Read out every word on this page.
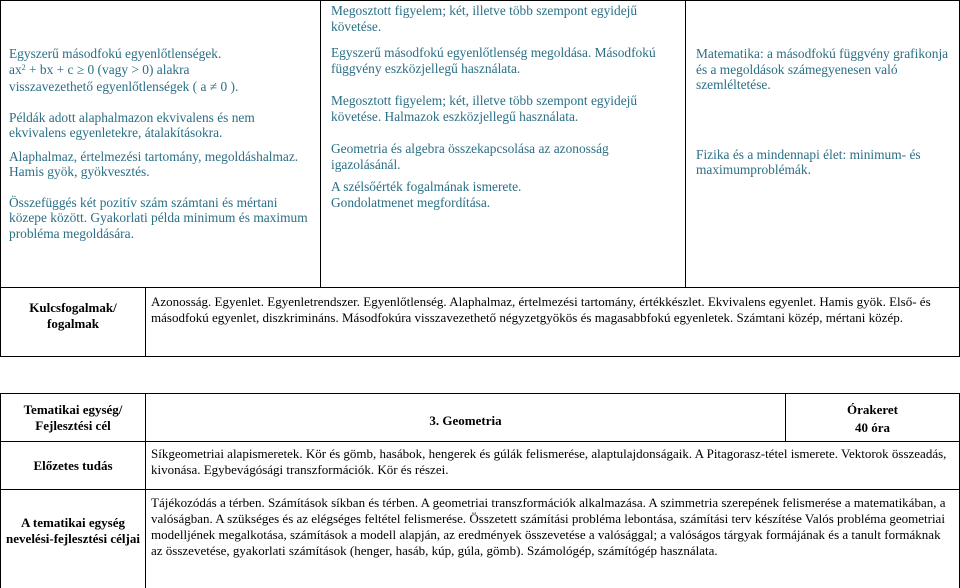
Egyszerű másodfokú egyenlőtlenségek.

$ax^2$ + bx + c ≥ 0 (vagy > 0) alakra

visszavezethető egyenlőtlenségek ( a ≠ 0 ).

Példák adott alaphalmazon ekvivalens és nem ekvivalens egyenletekre, átalakításokra.

Alaphalmaz, értelmezési tartomány, megoldáshalmaz. Hamis gyök, gyökvesztés.

Összefüggés két pozitív szám számtani és mértani közepe között. Gyakorlati példa minimum és maximum probléma megoldására.

Megosztott figyelem; két, illetve több szempont egyidejű követése.

Egyszerű másodfokú egyenlőtlenség megoldása. Másodfokú függvény eszközjellegű használata.

Megosztott figyelem; két, illetve több szempont egyidejű követése. Halmazok eszközjellegű használata.

Geometria és algebra összekapcsolása az azonosság igazolásánál.

A szélsőérték fogalmának ismerete.

Gondolatmenet megfordítása.

Matematika: a másodfokú függvény grafikonja és a megoldások számegyenesen való szemléltetése.

Fizika és a mindennapi élet: minimum- és maximumproblémák.

Kulcsfogalmak/ fogalmak
Azonosság. Egyenlet. Egyenletrendszer. Egyenlőtlenség. Alaphalmaz, értelmezési tartomány, értékkészlet. Ekvivalens egyenlet. Hamis gyök. Első- és másodfokú egyenlet, diszkrimináns. Másodfokúra visszavezethető négyzetgyökös és magasabbfokú egyenletek. Számtani közép, mértani közép.
Tematikai egység/ Fejlesztési cél	3. Geometria
Órakeret
40 óra
Előzetes tudás
Síkgeometriai alapismeretek. Kör és gömb, hasábok, hengerek és gúlák felismerése, alaptulajdonságaik. A Pitagorasz-tétel ismerete. Vektorok összeadás, kivonása. Egybevágósági transzformációk. Kör és részei.
A tematikai egység nevelési-fejlesztési céljai
Tájékozódás a térben. Számítások síkban és térben. A geometriai transzformációk alkalmazása. A szimmetria szerepének felismerése a matematikában, a valóságban. A szükséges és az elégséges feltétel felismerése. Összetett számítási probléma lebontása, számítási terv készítése Valós probléma geometriai modelljének megalkotása, számítások a modell alapján, az eredmények összevetése a valósággal; a valóságos tárgyak formájának és a tanult formáknak az összevetése, gyakorlati számítások (henger, hasáb, kúp, gúla, gömb). Számológép, számítógép használata.
